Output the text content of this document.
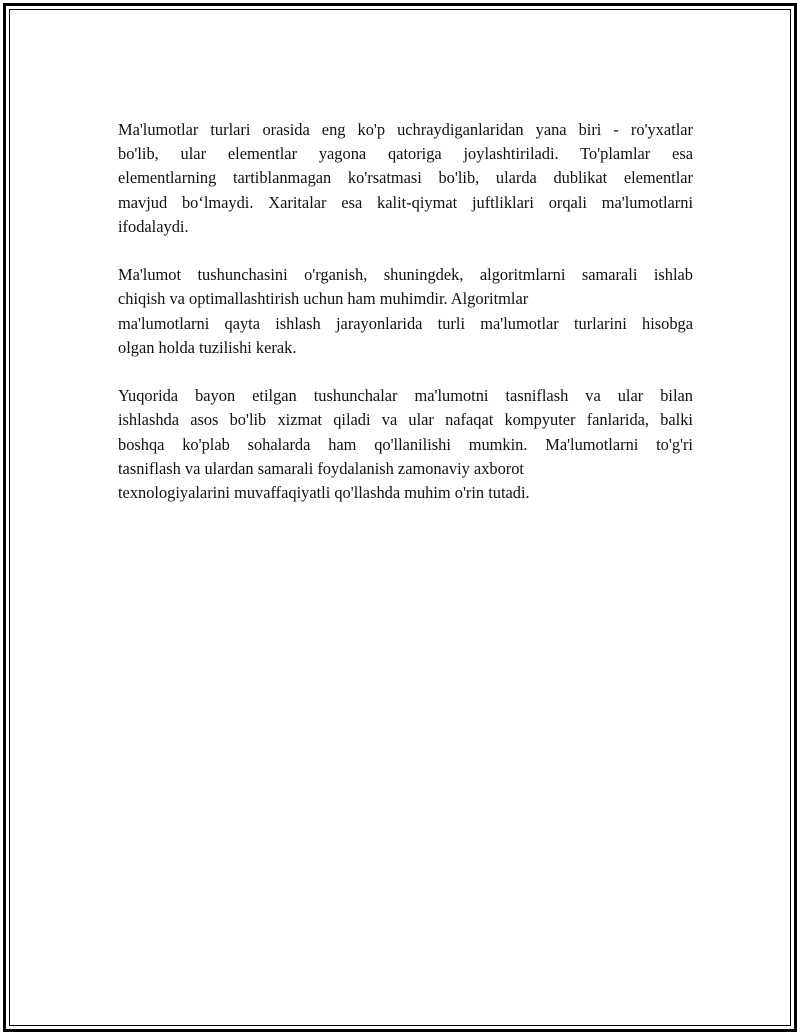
Ma'lumotlar turlari orasida eng ko'p uchraydiganlaridan yana biri - ro'yxatlar
bo'lib, ular elementlar yagona qatoriga joylashtiriladi. To'plamlar esa
elementlarning tartiblanmagan ko'rsatmasi bo'lib, ularda dublikat elementlar
mavjud bo‘lmaydi. Xaritalar esa kalit-qiymat juftliklari orqali ma'lumotlarni
ifodalaydi.

Ma'lumot tushunchasini o'rganish, shuningdek, algoritmlarni samarali ishlab
chiqish va optimallashtirish uchun ham muhimdir. Algoritmlar
ma'lumotlarni qayta ishlash jarayonlarida turli ma'lumotlar turlarini hisobga
olgan holda tuzilishi kerak.

Yuqorida bayon etilgan tushunchalar ma'lumotni tasniflash va ular bilan
ishlashda asos bo'lib xizmat qiladi va ular nafaqat kompyuter fanlarida, balki
boshqa ko'plab sohalarda ham qo'llanilishi mumkin. Ma'lumotlarni to'g'ri
tasniflash va ulardan samarali foydalanish zamonaviy axborot
texnologiyalarini muvaffaqiyatli qo'llashda muhim o'rin tutadi.
